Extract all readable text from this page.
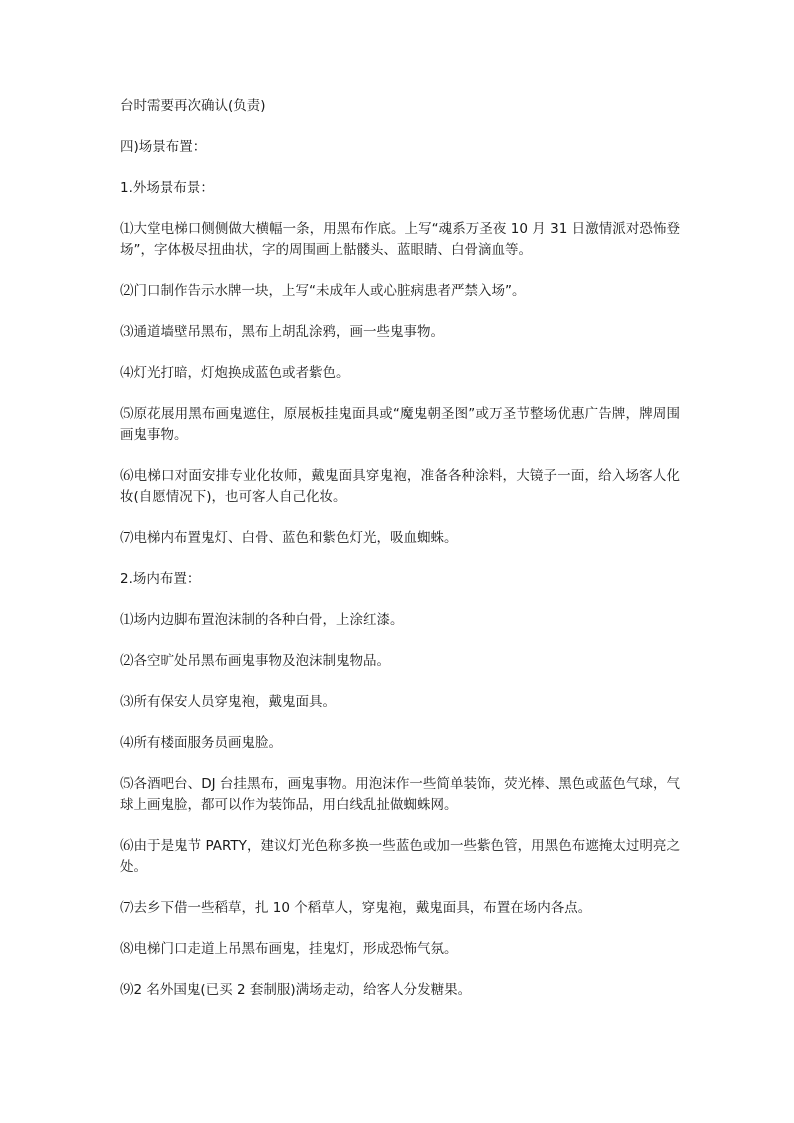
台时需要再次确认(负责)

四)场景布置：

1.外场景布景：

⑴大堂电梯口侧侧做大横幅一条，用黑布作底。上写“魂系万圣夜 10 月 31 日激情派对恐怖登场”，字体极尽扭曲状，字的周围画上骷髅头、蓝眼睛、白骨滴血等。

⑵门口制作告示水牌一块，上写“未成年人或心脏病患者严禁入场”。

⑶通道墙壁吊黑布，黑布上胡乱涂鸦，画一些鬼事物。

⑷灯光打暗，灯炮换成蓝色或者紫色。

⑸原花展用黑布画鬼遮住，原展板挂鬼面具或“魔鬼朝圣图”或万圣节整场优惠广告牌，牌周围画鬼事物。

⑹电梯口对面安排专业化妆师，戴鬼面具穿鬼袍，准备各种涂料，大镜子一面，给入场客人化妆(自愿情况下)，也可客人自己化妆。

⑺电梯内布置鬼灯、白骨、蓝色和紫色灯光，吸血蜘蛛。

2.场内布置：

⑴场内边脚布置泡沫制的各种白骨，上涂红漆。

⑵各空旷处吊黑布画鬼事物及泡沫制鬼物品。

⑶所有保安人员穿鬼袍，戴鬼面具。

⑷所有楼面服务员画鬼脸。

⑸各酒吧台、DJ 台挂黑布，画鬼事物。用泡沫作一些简单装饰，荧光棒、黑色或蓝色气球，气球上画鬼脸，都可以作为装饰品，用白线乱扯做蜘蛛网。

⑹由于是鬼节 PARTY，建议灯光色称多换一些蓝色或加一些紫色管，用黑色布遮掩太过明亮之处。

⑺去乡下借一些稻草，扎 10 个稻草人，穿鬼袍，戴鬼面具，布置在场内各点。

⑻电梯门口走道上吊黑布画鬼，挂鬼灯，形成恐怖气氛。

⑼2 名外国鬼(已买 2 套制服)满场走动，给客人分发糖果。
